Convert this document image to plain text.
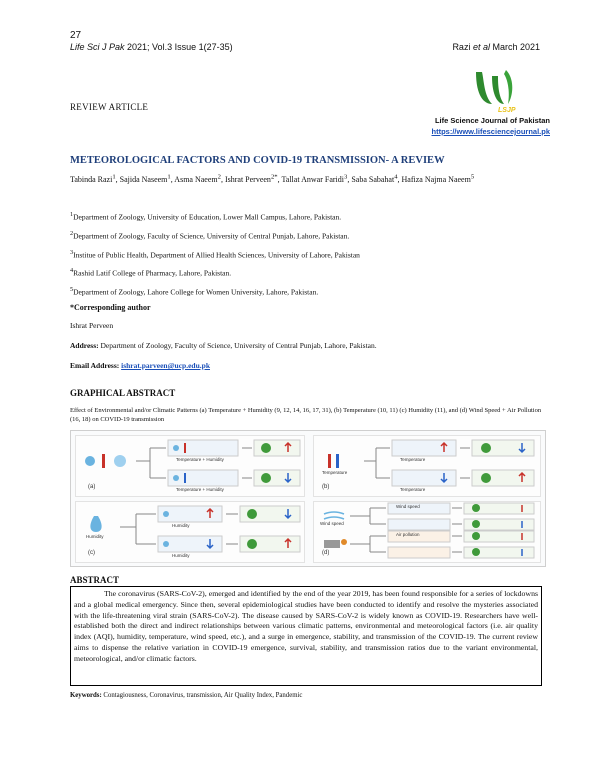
27
Life Sci J Pak 2021; Vol.3 Issue 1(27-35)	Razi et al March 2021
REVIEW ARTICLE	LSJP
Life Science Journal of Pakistan
https://www.lifesciencejournal.pk
METEOROLOGICAL FACTORS AND COVID-19 TRANSMISSION- A REVIEW
Tabinda Razi$^1$, Sajida Naseem$^1$, Asma Naeem$^2$, Ishrat Perveen$^{2*}$, Tallat Anwar Faridi$^3$, Saba Sabahat$^4$, Hafiza Najma Naeem$^5$
$^1$Department of Zoology, University of Education, Lower Mall Campus, Lahore, Pakistan.
$^2$Department of Zoology, Faculty of Science, University of Central Punjab, Lahore, Pakistan.
$^3$Institue of Public Health, Department of Allied Health Sciences, University of Lahore, Pakistan
$^4$Rashid Latif College of Pharmacy, Lahore, Pakistan.
$^5$Department of Zoology, Lahore College for Women University, Lahore, Pakistan.
*Corresponding author
Ishrat Perveen
Address: Department of Zoology, Faculty of Science, University of Central Punjab, Lahore, Pakistan.
Email Address: ishrat.parveen@ucp.edu.pk
GRAPHICAL ABSTRACT
Effect of Environmental and/or Climatic Patterns (a) Temperature + Humidity (9, 12, 14, 16, 17, 31), (b) Temperature (10, 11) (c) Humidity (11), and (d) Wind Speed + Air Pollution (16, 18) on COVID-19 transmission
(a)
Temperature + Humidity
Temperature + Humidity
Temperature
Temperature
Temperature
(b)
Humidity
Humidity
Humidity
(c)
Wind speed
Wind speed
Air pollution
(d)
ABSTRACT

The coronavirus (SARS-CoV-2), emerged and identified by the end of the year 2019, has been found responsible for a series of lockdowns and a global medical emergency. Since then, several epidemiological studies have been conducted to identify and resolve the mysteries associated with the life-threatening viral strain (SARS-CoV-2). The disease caused by SARS-CoV-2 is widely known as COVID-19. Researchers have well-established both the direct and indirect relationships between various climatic patterns, environmental and meteorological factors (i.e. air quality index (AQI), humidity, temperature, wind speed, etc.), and a surge in emergence, stability, and transmission of the COVID-19. The current review aims to dispense the relative variation in COVID-19 emergence, survival, stability, and transmission ratios due to the variant environmental, meteorological, and/or climatic factors.

Keywords: Contagiousness, Coronavirus, transmission, Air Quality Index, Pandemic
